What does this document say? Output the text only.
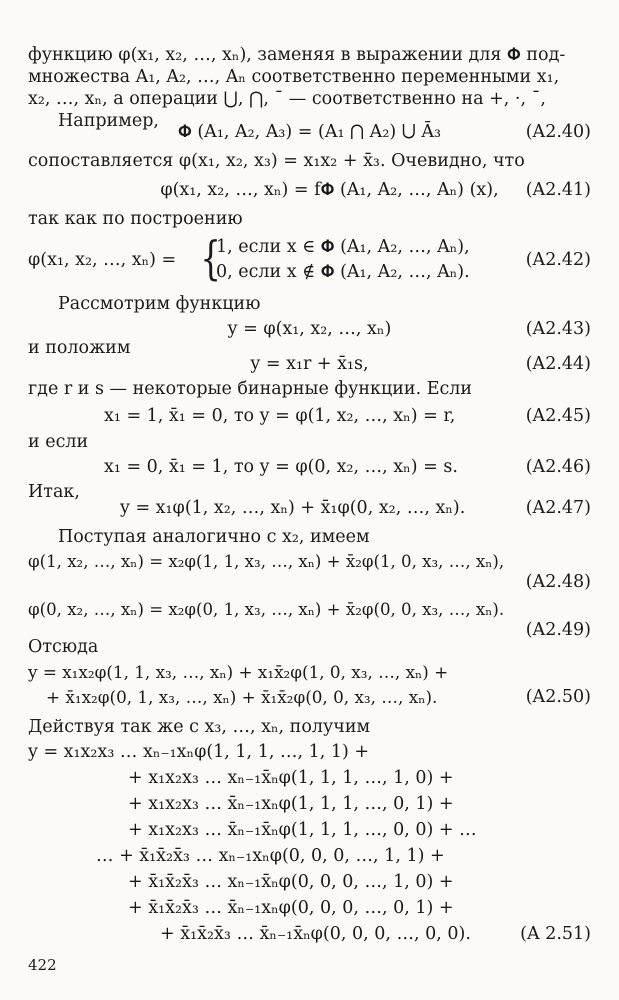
функцию φ(x₁, x₂, …, xₙ), заменяя в выражении для 𝚽 под-
множества A₁, A₂, …, Aₙ соответственно переменными x₁,
x₂, …, xₙ, а операции ⋃, ⋂, ¯ — соответственно на +, ·, ¯,
Например,
𝚽 (A₁, A₂, A₃) = (A₁ ⋂ A₂) ⋃ Ā₃	(A2.40)
сопоставляется φ(x₁, x₂, x₃) = x₁x₂ + x̄₃. Очевидно, что
φ(x₁, x₂, …, xₙ) = f𝚽 (A₁, A₂, …, Aₙ) (x),	(A2.41)
так как по построению
φ(x₁, x₂, …, xₙ) = {
1, если x ∈ 𝚽 (A₁, A₂, …, Aₙ),
0, если x ∉ 𝚽 (A₁, A₂, …, Aₙ).
(A2.42)
Рассмотрим функцию
y = φ(x₁, x₂, …, xₙ)	(A2.43)
и положим
y = x₁r + x̄₁s,	(A2.44)
где r и s — некоторые бинарные функции. Если
x₁ = 1, x̄₁ = 0, то y = φ(1, x₂, …, xₙ) = r,	(A2.45)
и если
x₁ = 0, x̄₁ = 1, то y = φ(0, x₂, …, xₙ) = s.	(A2.46)
Итак,
y = x₁φ(1, x₂, …, xₙ) + x̄₁φ(0, x₂, …, xₙ).	(A2.47)
Поступая аналогично с x₂, имеем
φ(1, x₂, …, xₙ) = x₂φ(1, 1, x₃, …, xₙ) + x̄₂φ(1, 0, x₃, …, xₙ),
(A2.48)
φ(0, x₂, …, xₙ) = x₂φ(0, 1, x₃, …, xₙ) + x̄₂φ(0, 0, x₃, …, xₙ).
(A2.49)
Отсюда
y = x₁x₂φ(1, 1, x₃, …, xₙ) + x₁x̄₂φ(1, 0, x₃, …, xₙ) +
+ x̄₁x₂φ(0, 1, x₃, …, xₙ) + x̄₁x̄₂φ(0, 0, x₃, …, xₙ).	(A2.50)
Действуя так же с x₃, …, xₙ, получим
y = x₁x₂x₃ … xₙ₋₁xₙφ(1, 1, 1, …, 1, 1) +
+ x₁x₂x₃ … xₙ₋₁x̄ₙφ(1, 1, 1, …, 1, 0) +
+ x₁x₂x₃ … x̄ₙ₋₁xₙφ(1, 1, 1, …, 0, 1) +
+ x₁x₂x₃ … x̄ₙ₋₁x̄ₙφ(1, 1, 1, …, 0, 0) + …
… + x̄₁x̄₂x̄₃ … xₙ₋₁xₙφ(0, 0, 0, …, 1, 1) +
+ x̄₁x̄₂x̄₃ … xₙ₋₁x̄ₙφ(0, 0, 0, …, 1, 0) +
+ x̄₁x̄₂x̄₃ … x̄ₙ₋₁xₙφ(0, 0, 0, …, 0, 1) +
+ x̄₁x̄₂x̄₃ … x̄ₙ₋₁x̄ₙφ(0, 0, 0, …, 0, 0).	(A 2.51)
422
